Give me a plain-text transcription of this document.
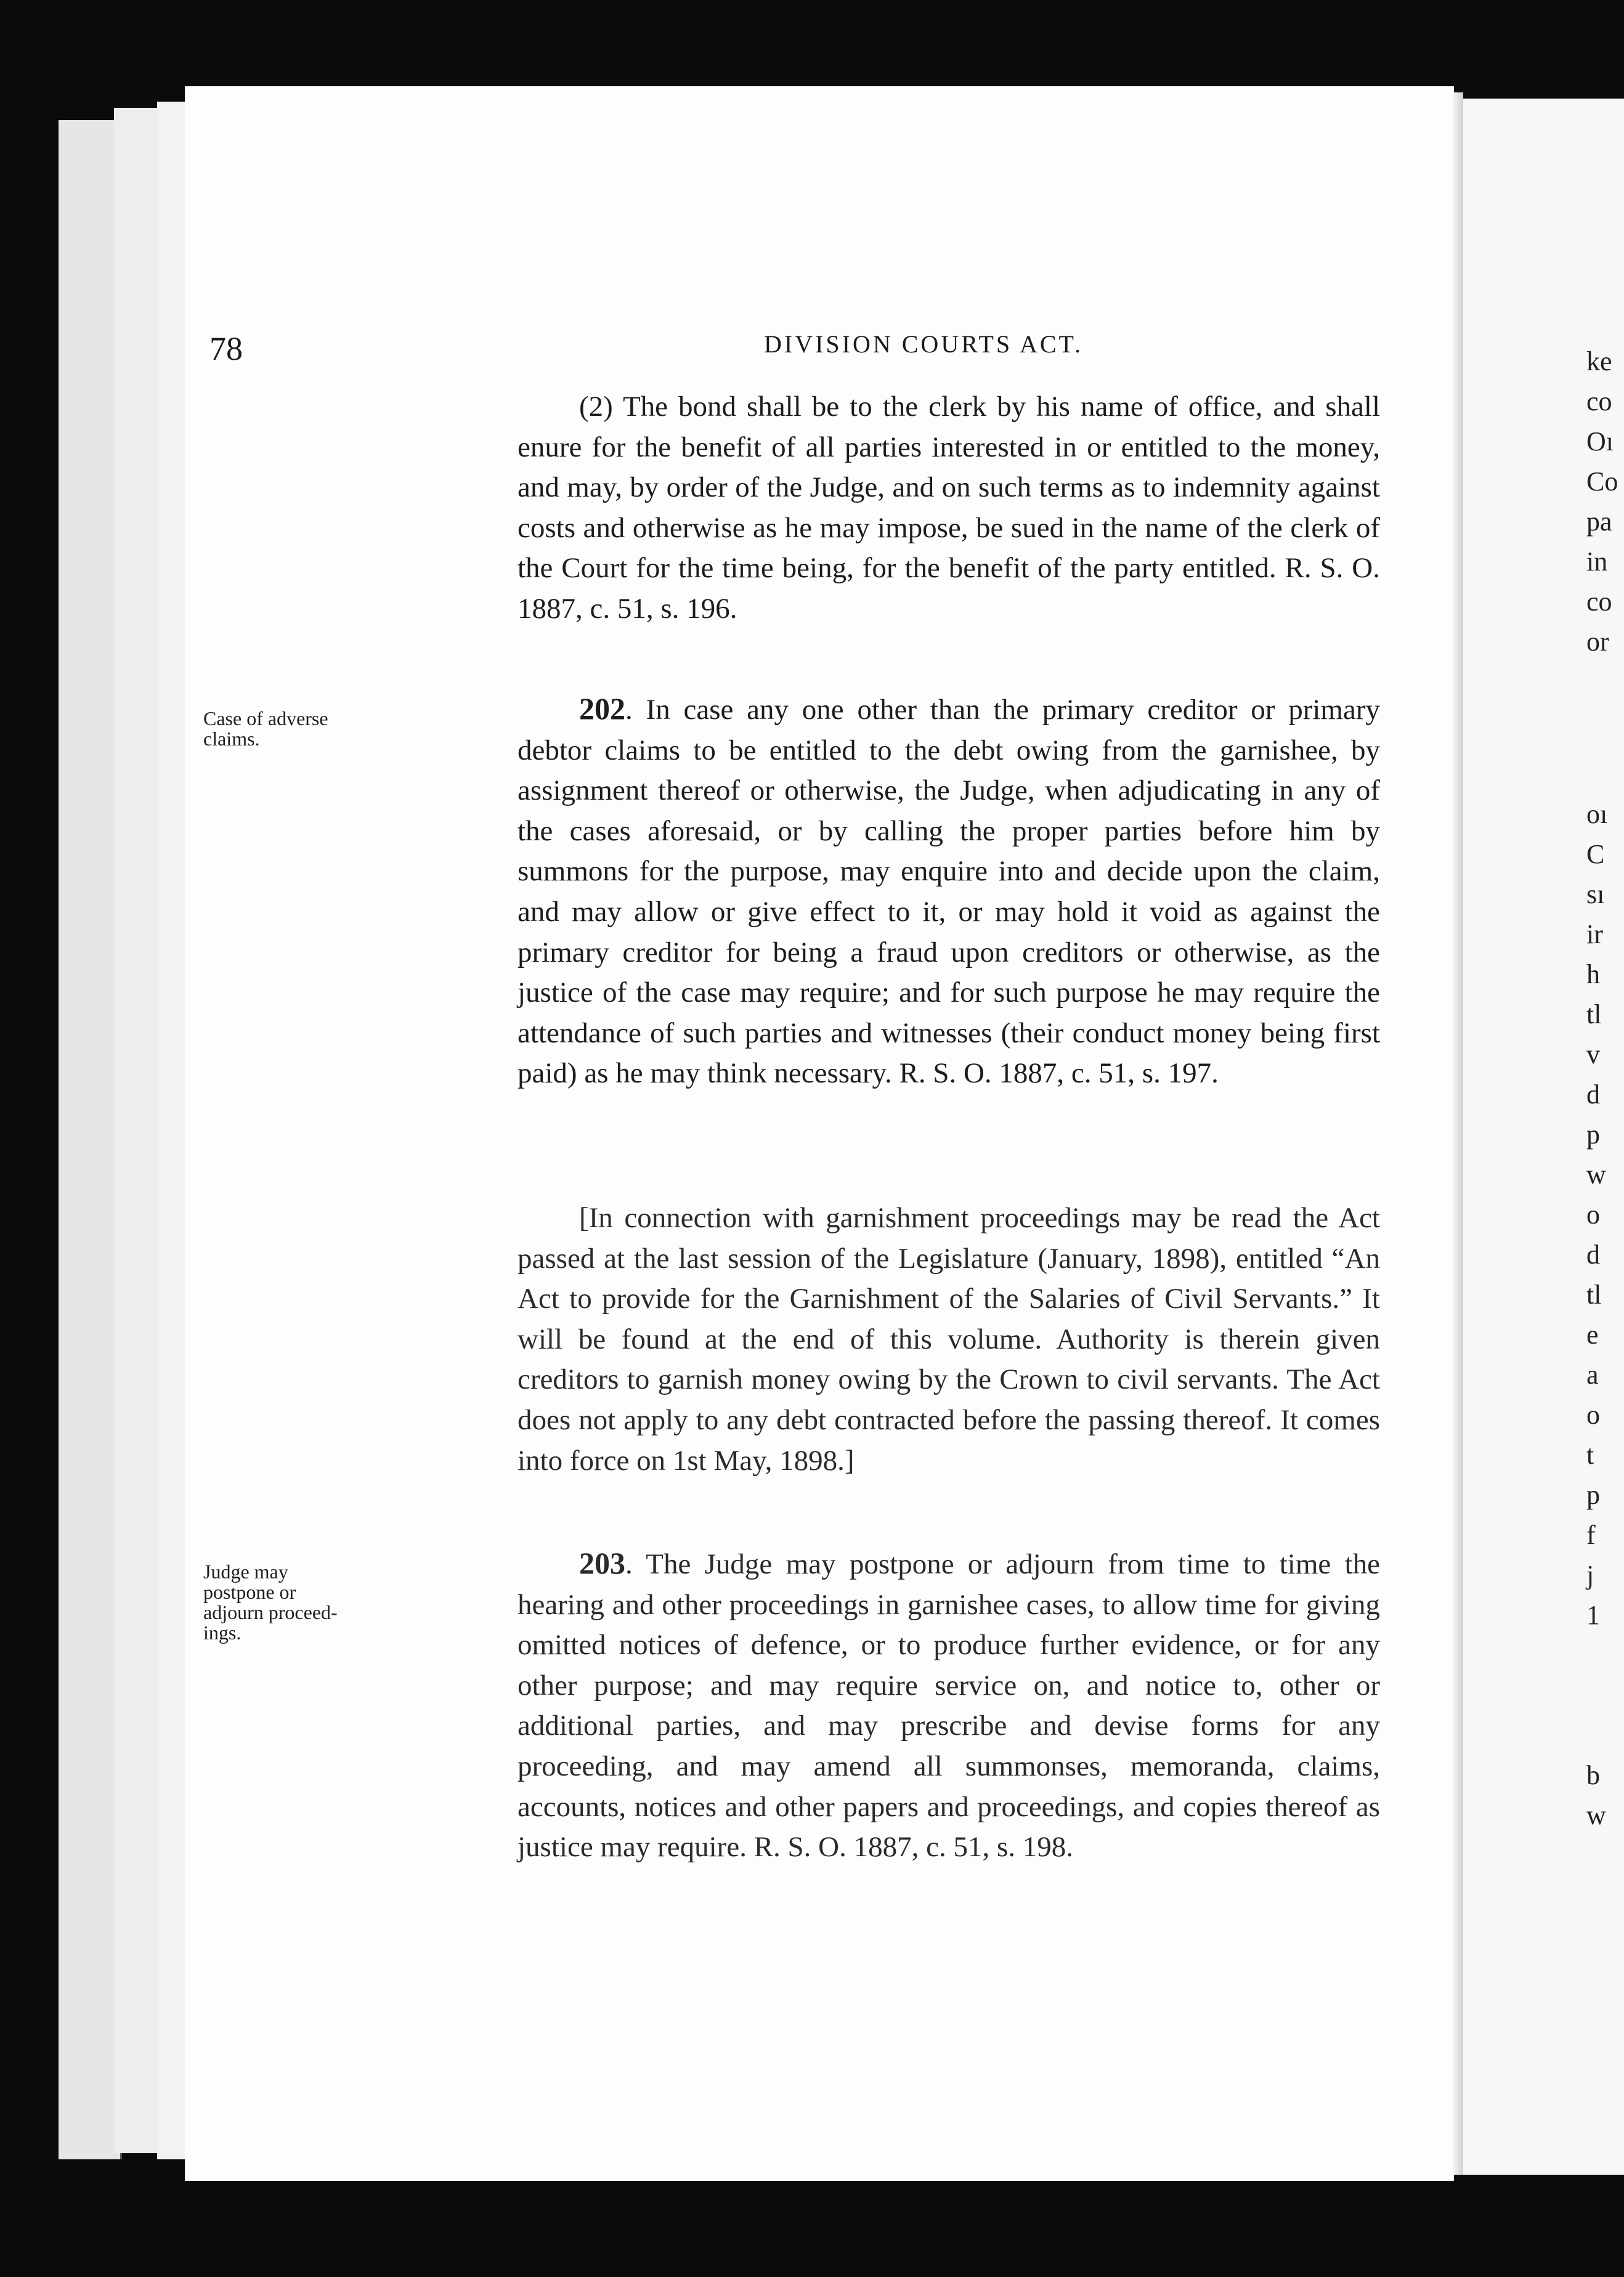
ke
co
Oı
Co
pa
in
co
or
oı
C
sı
ir
h
tl
v
d
p
w
o
d
tl
e
a
o
t
p
f
j
1
b
w
78	DIVISION COURTS ACT.
(2) The bond shall be to the clerk by his name of office, and shall enure for the benefit of all parties interested in or entitled to the money, and may, by order of the Judge, and on such terms as to indemnity against costs and otherwise as he may impose, be sued in the name of the clerk of the Court for the time being, for the benefit of the party entitled. R. S. O. 1887, c. 51, s. 196.
Case of adverse claims.
202. In case any one other than the primary creditor or primary debtor claims to be entitled to the debt owing from the garnishee, by assignment thereof or otherwise, the Judge, when adjudicating in any of the cases aforesaid, or by calling the proper parties before him by summons for the purpose, may enquire into and decide upon the claim, and may allow or give effect to it, or may hold it void as against the primary creditor for being a fraud upon creditors or otherwise, as the justice of the case may require; and for such purpose he may require the attendance of such parties and witnesses (their conduct money being first paid) as he may think necessary. R. S. O. 1887, c. 51, s. 197.
[In connection with garnishment proceedings may be read the Act passed at the last session of the Legislature (January, 1898), entitled “An Act to provide for the Garnishment of the Salaries of Civil Servants.” It will be found at the end of this volume. Authority is therein given creditors to garnish money owing by the Crown to civil servants. The Act does not apply to any debt contracted before the passing thereof. It comes into force on 1st May, 1898.]
Judge may postpone or adjourn proceed- ings.
203. The Judge may postpone or adjourn from time to time the hearing and other proceedings in garnishee cases, to allow time for giving omitted notices of defence, or to produce further evidence, or for any other purpose; and may require service on, and notice to, other or additional parties, and may prescribe and devise forms for any proceeding, and may amend all summonses, memoranda, claims, accounts, notices and other papers and proceedings, and copies thereof as justice may require. R. S. O. 1887, c. 51, s. 198.
